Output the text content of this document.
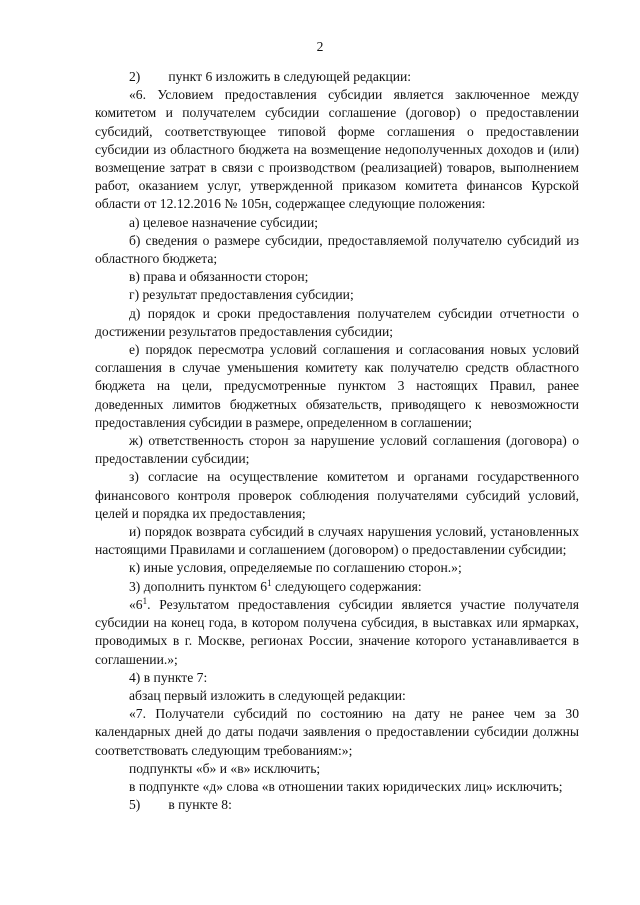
2

2) пункт 6 изложить в следующей редакции:

«6. Условием предоставления субсидии является заключенное между комитетом и получателем субсидии соглашение (договор) о предоставлении субсидий, соответствующее типовой форме соглашения о предоставлении субсидии из областного бюджета на возмещение недополученных доходов и (или) возмещение затрат в связи с производством (реализацией) товаров, выполнением работ, оказанием услуг, утвержденной приказом комитета финансов Курской области от 12.12.2016 № 105н, содержащее следующие положения:

а) целевое назначение субсидии;

б) сведения о размере субсидии, предоставляемой получателю субсидий из областного бюджета;

в) права и обязанности сторон;

г) результат предоставления субсидии;

д) порядок и сроки предоставления получателем субсидии отчетности о достижении результатов предоставления субсидии;

е) порядок пересмотра условий соглашения и согласования новых условий соглашения в случае уменьшения комитету как получателю средств областного бюджета на цели, предусмотренные пунктом 3 настоящих Правил, ранее доведенных лимитов бюджетных обязательств, приводящего к невозможности предоставления субсидии в размере, определенном в соглашении;

ж) ответственность сторон за нарушение условий соглашения (договора) о предоставлении субсидии;

з) согласие на осуществление комитетом и органами государственного финансового контроля проверок соблюдения получателями субсидий условий, целей и порядка их предоставления;

и) порядок возврата субсидий в случаях нарушения условий, установленных настоящими Правилами и соглашением (договором) о предоставлении субсидии;

к) иные условия, определяемые по соглашению сторон.»;

3) дополнить пунктом $6^1$ следующего содержания:

«$6^1$. Результатом предоставления субсидии является участие получателя субсидии на конец года, в котором получена субсидия, в выставках или ярмарках, проводимых в г. Москве, регионах России, значение которого устанавливается в соглашении.»;

4) в пункте 7:

абзац первый изложить в следующей редакции:

«7. Получатели субсидий по состоянию на дату не ранее чем за 30 календарных дней до даты подачи заявления о предоставлении субсидии должны соответствовать следующим требованиям:»;

подпункты «б» и «в» исключить;

в подпункте «д» слова «в отношении таких юридических лиц» исключить;

5) в пункте 8:
